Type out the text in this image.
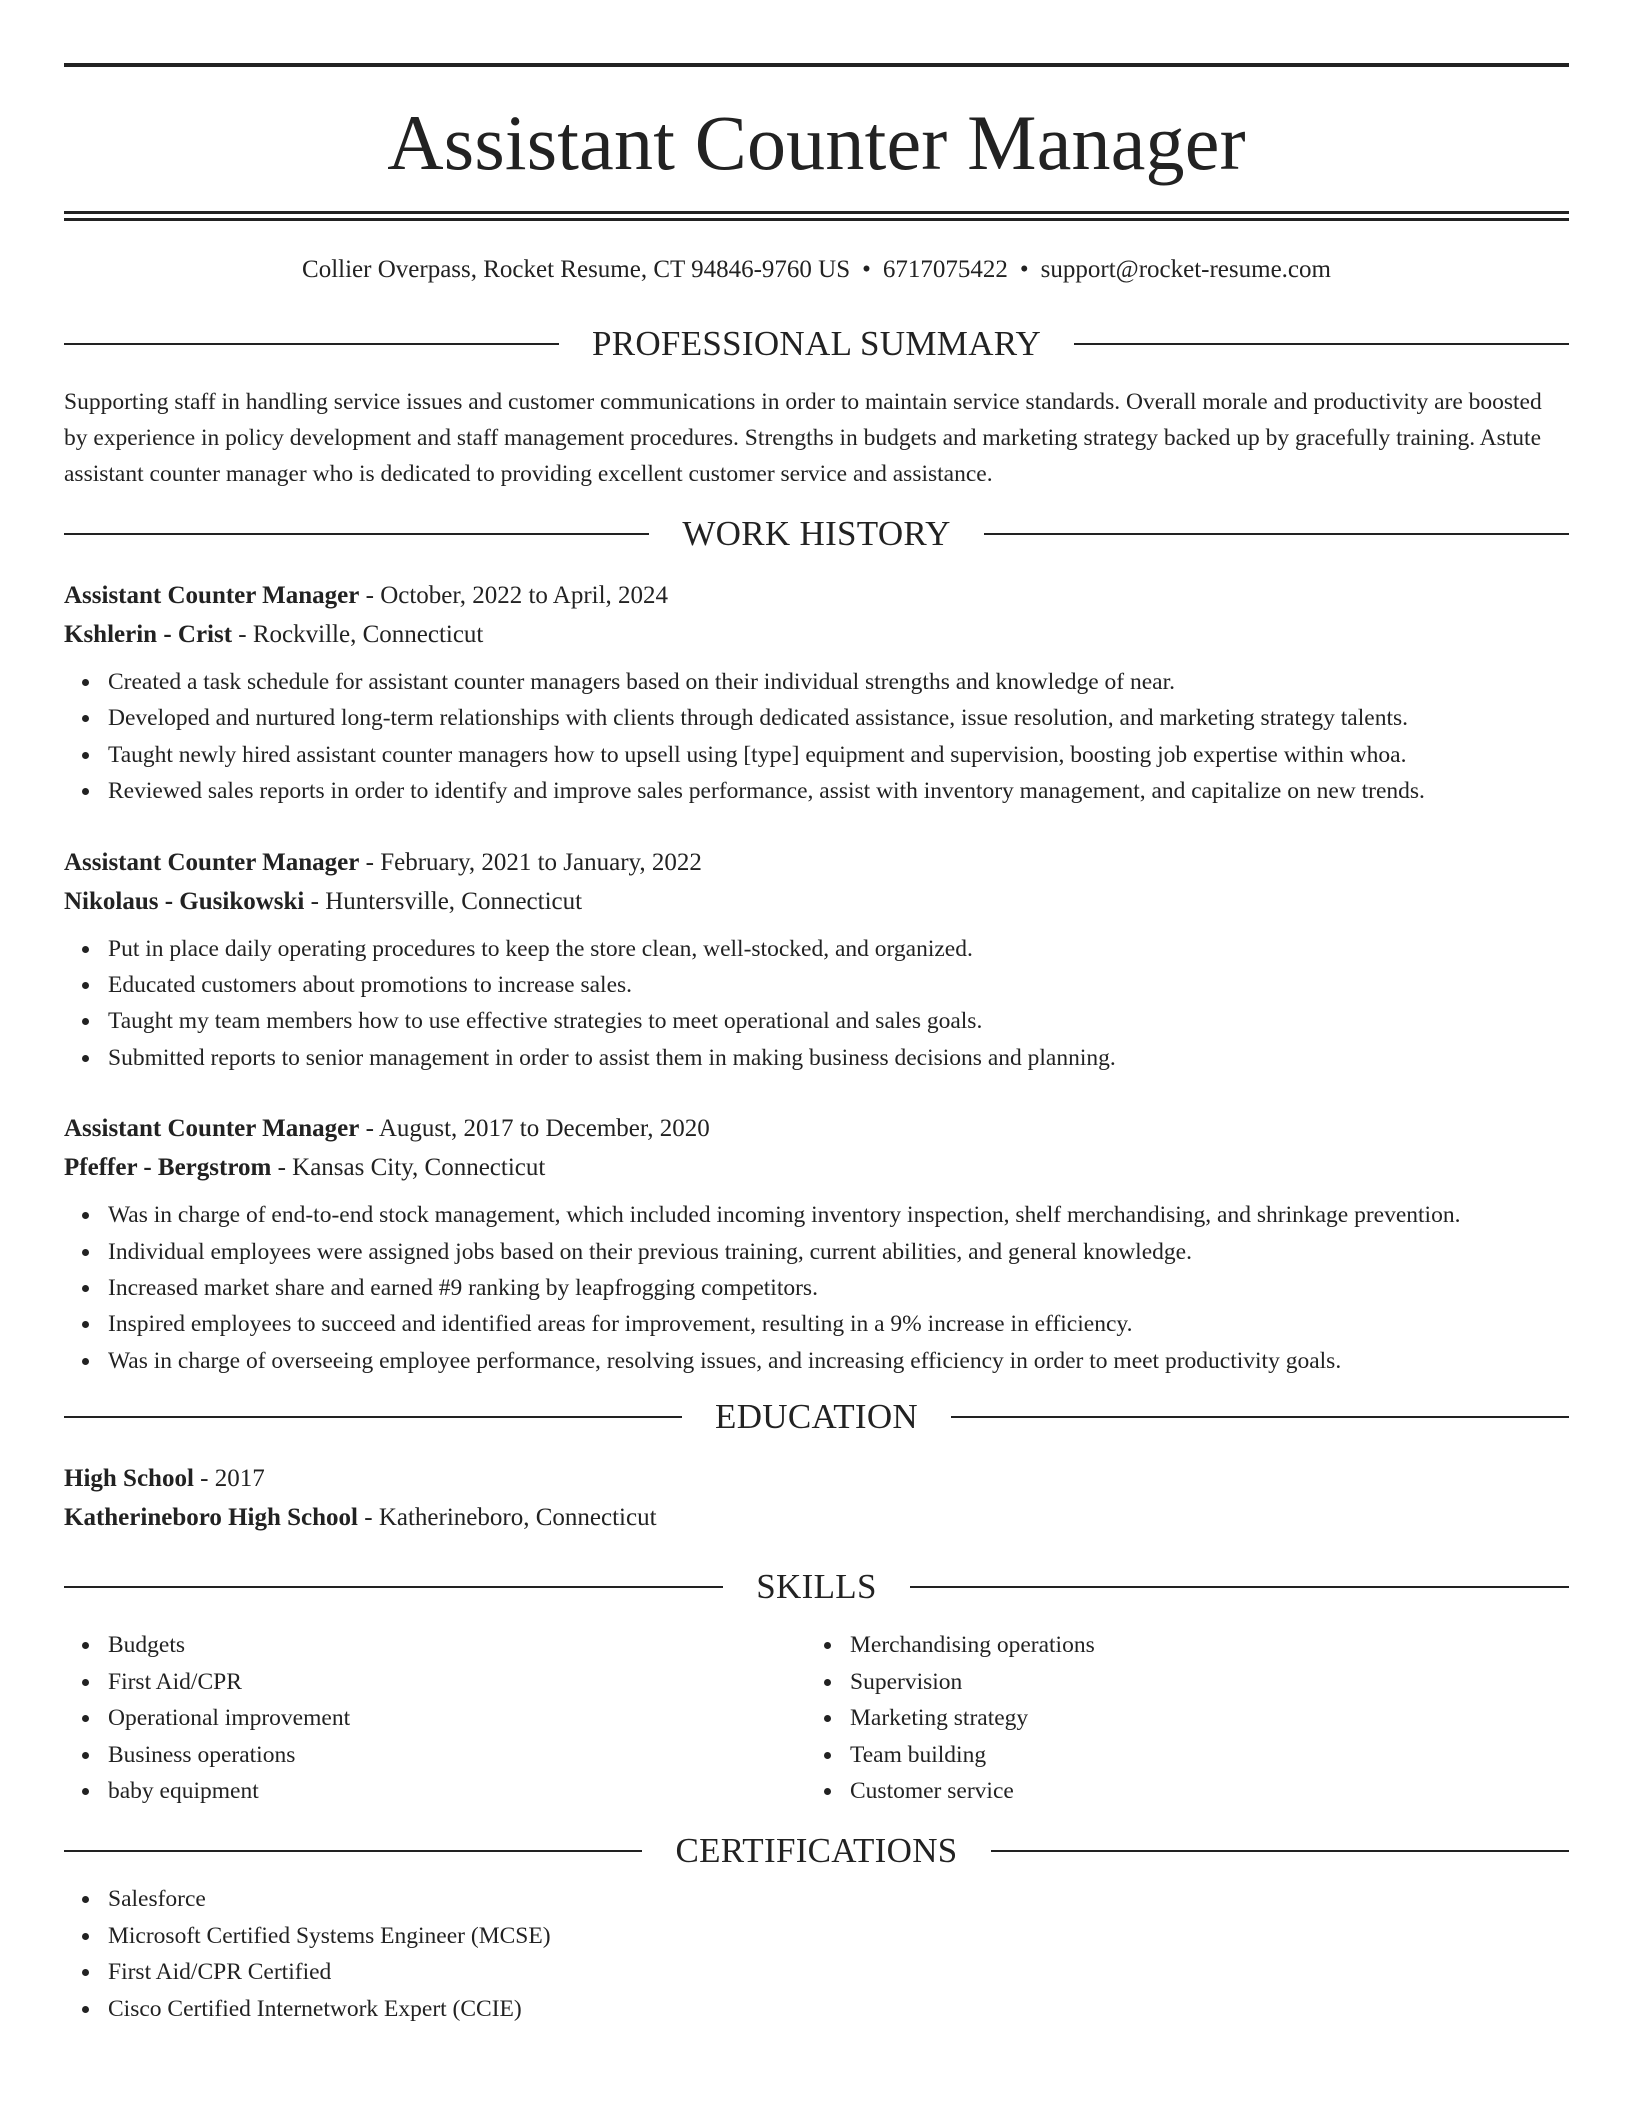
Assistant Counter Manager
Collier Overpass, Rocket Resume, CT 94846-9760 US • 6717075422 • support@rocket-resume.com
PROFESSIONAL SUMMARY
Supporting staff in handling service issues and customer communications in order to maintain service standards. Overall morale and productivity are boosted by experience in policy development and staff management procedures. Strengths in budgets and marketing strategy backed up by gracefully training. Astute assistant counter manager who is dedicated to providing excellent customer service and assistance.
WORK HISTORY
Assistant Counter Manager - October, 2022 to April, 2024
Kshlerin - Crist - Rockville, Connecticut
Created a task schedule for assistant counter managers based on their individual strengths and knowledge of near.
Developed and nurtured long-term relationships with clients through dedicated assistance, issue resolution, and marketing strategy talents.
Taught newly hired assistant counter managers how to upsell using [type] equipment and supervision, boosting job expertise within whoa.
Reviewed sales reports in order to identify and improve sales performance, assist with inventory management, and capitalize on new trends.
Assistant Counter Manager - February, 2021 to January, 2022
Nikolaus - Gusikowski - Huntersville, Connecticut
Put in place daily operating procedures to keep the store clean, well-stocked, and organized.
Educated customers about promotions to increase sales.
Taught my team members how to use effective strategies to meet operational and sales goals.
Submitted reports to senior management in order to assist them in making business decisions and planning.
Assistant Counter Manager - August, 2017 to December, 2020
Pfeffer - Bergstrom - Kansas City, Connecticut
Was in charge of end-to-end stock management, which included incoming inventory inspection, shelf merchandising, and shrinkage prevention.
Individual employees were assigned jobs based on their previous training, current abilities, and general knowledge.
Increased market share and earned #9 ranking by leapfrogging competitors.
Inspired employees to succeed and identified areas for improvement, resulting in a 9% increase in efficiency.
Was in charge of overseeing employee performance, resolving issues, and increasing efficiency in order to meet productivity goals.
EDUCATION
High School - 2017
Katherineboro High School - Katherineboro, Connecticut
SKILLS
Budgets
First Aid/CPR
Operational improvement
Business operations
baby equipment
Merchandising operations
Supervision
Marketing strategy
Team building
Customer service
CERTIFICATIONS
Salesforce
Microsoft Certified Systems Engineer (MCSE)
First Aid/CPR Certified
Cisco Certified Internetwork Expert (CCIE)
